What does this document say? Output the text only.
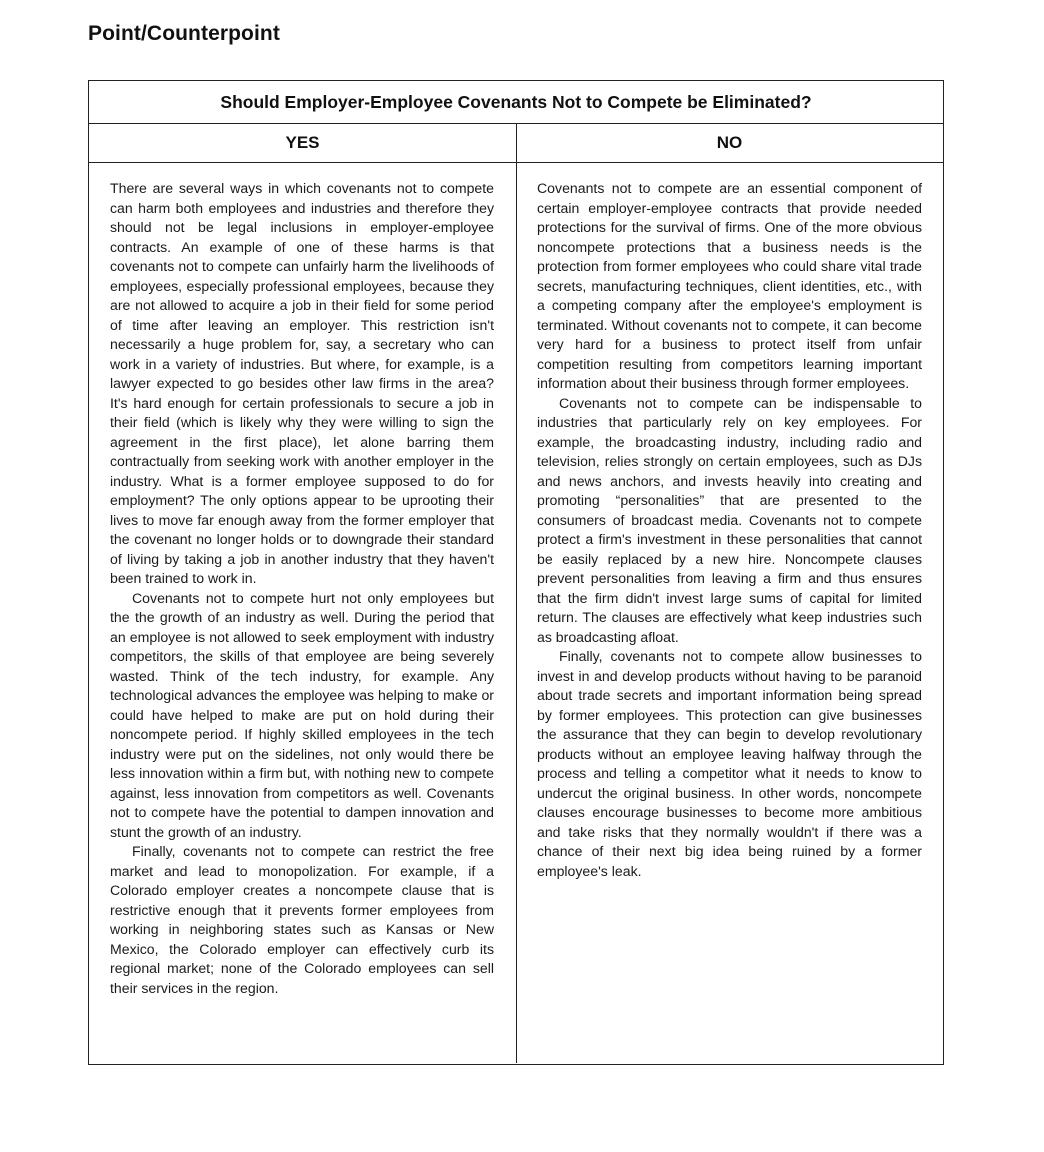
Point/Counterpoint
Should Employer-Employee Covenants Not to Compete be Eliminated?
YES	NO

There are several ways in which covenants not to compete can harm both employees and industries and therefore they should not be legal inclusions in employer-employee contracts. An example of one of these harms is that covenants not to compete can unfairly harm the livelihoods of employees, especially professional employees, because they are not allowed to acquire a job in their field for some period of time after leaving an employer. This restriction isn't necessarily a huge problem for, say, a secretary who can work in a variety of industries. But where, for example, is a lawyer expected to go besides other law firms in the area? It's hard enough for certain professionals to secure a job in their field (which is likely why they were willing to sign the agreement in the first place), let alone barring them contractually from seeking work with another employer in the industry. What is a former employee supposed to do for employment? The only options appear to be uprooting their lives to move far enough away from the former employer that the covenant no longer holds or to downgrade their standard of living by taking a job in another industry that they haven't been trained to work in.

Covenants not to compete hurt not only employees but the the growth of an industry as well. During the period that an employee is not allowed to seek employment with industry competitors, the skills of that employee are being severely wasted. Think of the tech industry, for example. Any technological advances the employee was helping to make or could have helped to make are put on hold during their noncompete period. If highly skilled employees in the tech industry were put on the sidelines, not only would there be less innovation within a firm but, with nothing new to compete against, less innovation from competitors as well. Covenants not to compete have the potential to dampen innovation and stunt the growth of an industry.

Finally, covenants not to compete can restrict the free market and lead to monopolization. For example, if a Colorado employer creates a noncompete clause that is restrictive enough that it prevents former employees from working in neighboring states such as Kansas or New Mexico, the Colorado employer can effectively curb its regional market; none of the Colorado employees can sell their services in the region.

Covenants not to compete are an essential component of certain employer-employee contracts that provide needed protections for the survival of firms. One of the more obvious noncompete protections that a business needs is the protection from former employees who could share vital trade secrets, manufacturing techniques, client identities, etc., with a competing company after the employee's employment is terminated. Without covenants not to compete, it can become very hard for a business to protect itself from unfair competition resulting from competitors learning important information about their business through former employees.

Covenants not to compete can be indispensable to industries that particularly rely on key employees. For example, the broadcasting industry, including radio and television, relies strongly on certain employees, such as DJs and news anchors, and invests heavily into creating and promoting “personalities” that are presented to the consumers of broadcast media. Covenants not to compete protect a firm's investment in these personalities that cannot be easily replaced by a new hire. Noncompete clauses prevent personalities from leaving a firm and thus ensures that the firm didn't invest large sums of capital for limited return. The clauses are effectively what keep industries such as broadcasting afloat.

Finally, covenants not to compete allow businesses to invest in and develop products without having to be paranoid about trade secrets and important information being spread by former employees. This protection can give businesses the assurance that they can begin to develop revolutionary products without an employee leaving halfway through the process and telling a competitor what it needs to know to undercut the original business. In other words, noncompete clauses encourage businesses to become more ambitious and take risks that they normally wouldn't if there was a chance of their next big idea being ruined by a former employee's leak.
